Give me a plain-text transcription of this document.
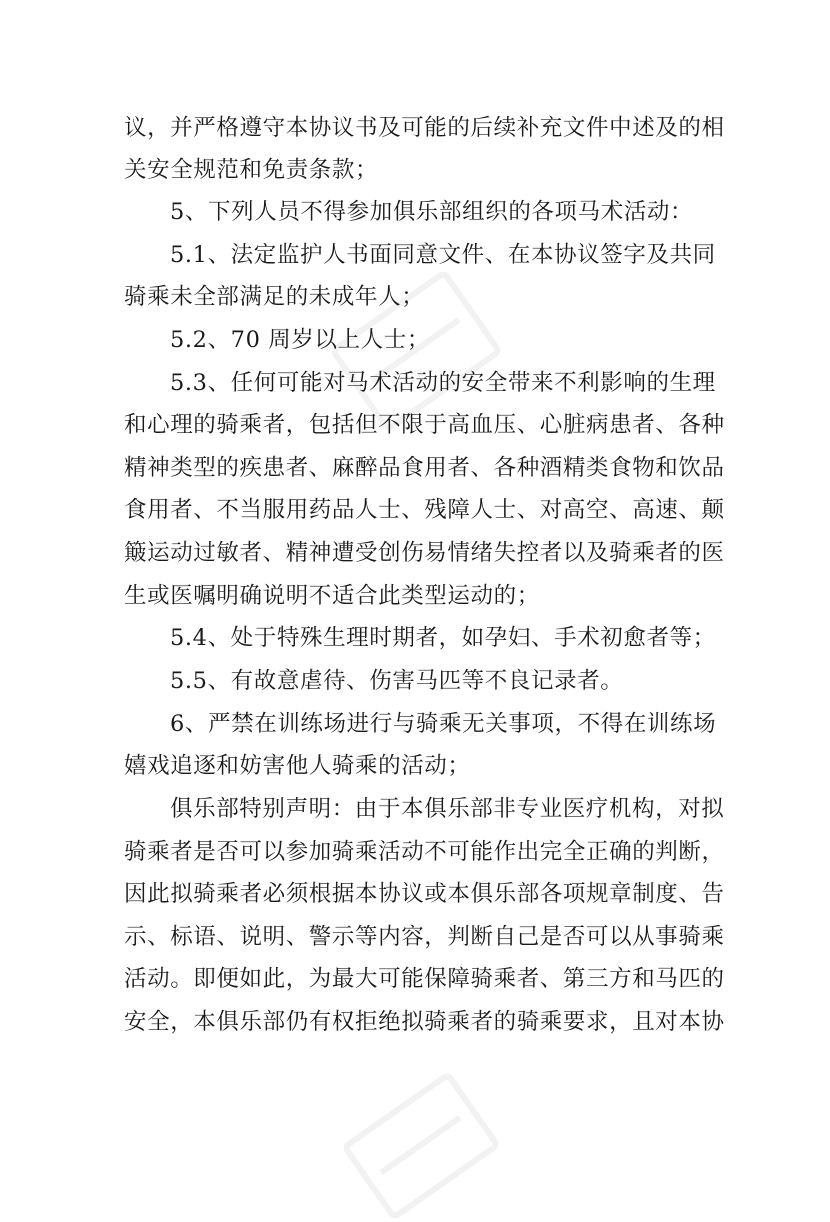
议，并严格遵守本协议书及可能的后续补充文件中述及的相
关安全规范和免责条款；
5、下列人员不得参加俱乐部组织的各项马术活动：
5.1、法定监护人书面同意文件、在本协议签字及共同
骑乘未全部满足的未成年人；
5.2、70 周岁以上人士；
5.3、任何可能对马术活动的安全带来不利影响的生理
和心理的骑乘者，包括但不限于高血压、心脏病患者、各种
精神类型的疾患者、麻醉品食用者、各种酒精类食物和饮品
食用者、不当服用药品人士、残障人士、对高空、高速、颠
簸运动过敏者、精神遭受创伤易情绪失控者以及骑乘者的医
生或医嘱明确说明不适合此类型运动的；
5.4、处于特殊生理时期者，如孕妇、手术初愈者等；
5.5、有故意虐待、伤害马匹等不良记录者。
6、严禁在训练场进行与骑乘无关事项，不得在训练场
嬉戏追逐和妨害他人骑乘的活动；
俱乐部特别声明：由于本俱乐部非专业医疗机构，对拟
骑乘者是否可以参加骑乘活动不可能作出完全正确的判断，
因此拟骑乘者必须根据本协议或本俱乐部各项规章制度、告
示、标语、说明、警示等内容，判断自己是否可以从事骑乘
活动。即便如此，为最大可能保障骑乘者、第三方和马匹的
安全，本俱乐部仍有权拒绝拟骑乘者的骑乘要求，且对本协
